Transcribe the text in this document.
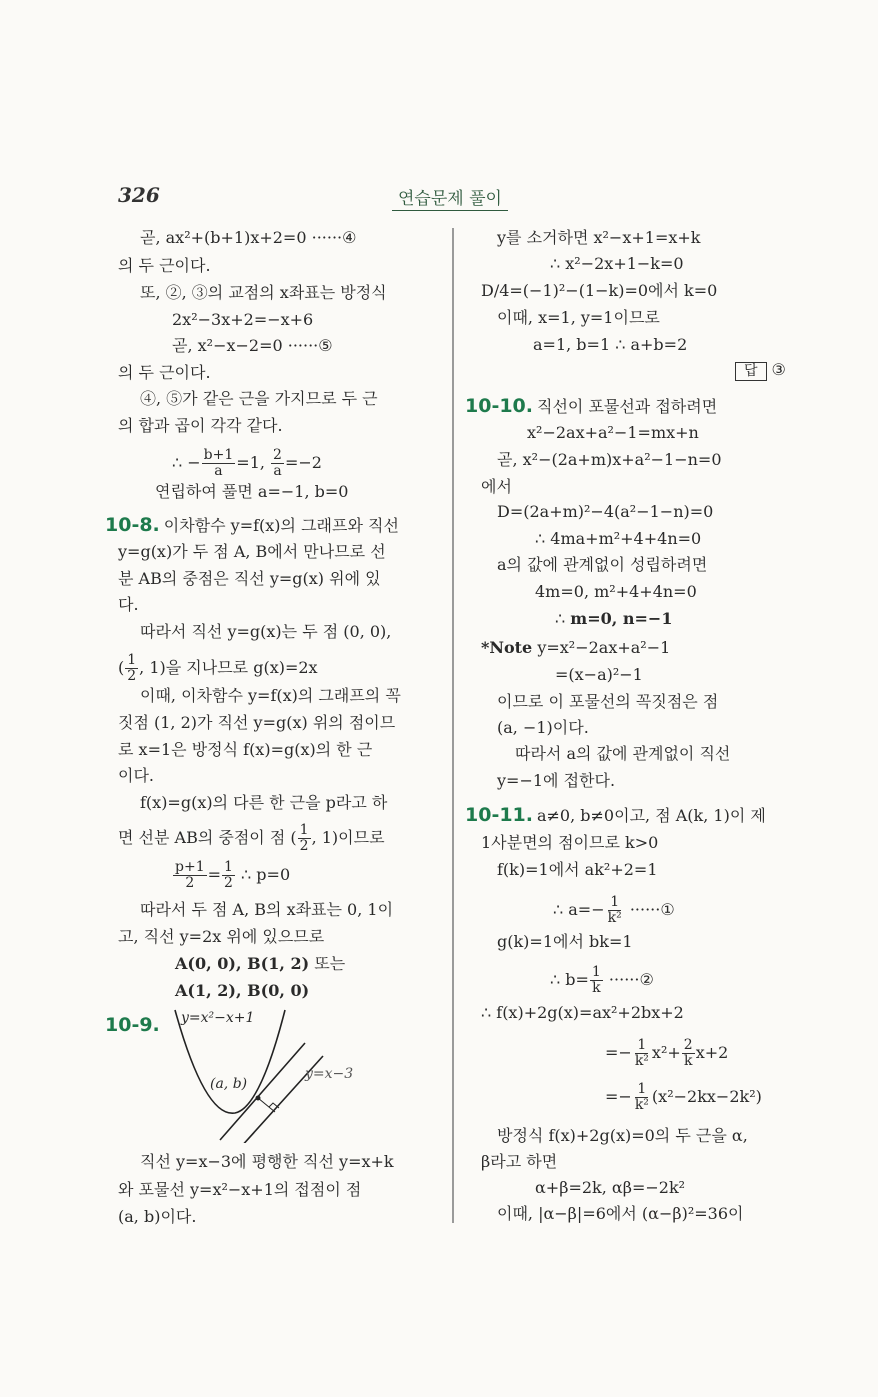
326	연습문제 풀이
곧, ax²+(b+1)x+2=0 ······④
의 두 근이다.
또, ②, ③의 교점의 x좌표는 방정식
2x²−3x+2=−x+6
곧, x²−x−2=0 ······⑤
의 두 근이다.
④, ⑤가 같은 근을 가지므로 두 근
의 합과 곱이 각각 같다.
∴ − $\frac{b+1}{a} =1$, $\frac{2}{a} =-2$
연립하여 풀면 a=−1, b=0
10-8. 이차함수 y=f(x)의 그래프와 직선
y=g(x)가 두 점 A, B에서 만나므로 선
분 AB의 중점은 직선 y=g(x) 위에 있
다.
따라서 직선 y=g(x)는 두 점 (0, 0),
( $\frac{1}{2}$ , 1)을 지나므로 g(x)=2x
이때, 이차함수 y=f(x)의 그래프의 꼭
짓점 (1, 2)가 직선 y=g(x) 위의 점이므
로 x=1은 방정식 f(x)=g(x)의 한 근
이다.
f(x)=g(x)의 다른 한 근을 p라고 하
면 선분 AB의 중점이 점 ( $\frac{1}{2}$ , 1)이므로
$\frac{p+1}{2} = \frac{1}{2}$ ∴ p=0
따라서 두 점 A, B의 x좌표는 0, 1이
고, 직선 y=2x 위에 있으므로
A(0, 0), B(1, 2) 또는
A(1, 2), B(0, 0)
10-9.
직선 y=x−3에 평행한 직선 y=x+k
와 포물선 y=x²−x+1의 접점이 점
(a, b)이다.
y를 소거하면 x²−x+1=x+k
∴ x²−2x+1−k=0
D/4=(−1)²−(1−k)=0에서 k=0
이때, x=1, y=1이므로
a=1, b=1 ∴ a+b=2
답 ③
10-10. 직선이 포물선과 접하려면
x²−2ax+a²−1=mx+n
곧, x²−(2a+m)x+a²−1−n=0
에서
D=(2a+m)²−4(a²−1−n)=0
∴ 4ma+m²+4+4n=0
a의 값에 관계없이 성립하려면
4m=0, m²+4+4n=0
∴ m=0, n=−1
*Note y=x²−2ax+a²−1
=(x−a)²−1
이므로 이 포물선의 꼭짓점은 점
(a, −1)이다.
따라서 a의 값에 관계없이 직선
y=−1에 접한다.
10-11. a≠0, b≠0이고, 점 A(k, 1)이 제
1사분면의 점이므로 k>0
f(k)=1에서 ak²+2=1
∴ $a=- \frac{1}{\text{k²}}$ ······①
g(k)=1에서 bk=1
∴ $b= \frac{1}{k}$ ······②
∴ f(x)+2g(x)=ax²+2bx+2
=− $\frac{1}{\text{k²}} x^2+ \frac{2}{k} x+2$
=− $\frac{1}{\text{k²}} (x^2-2kx-2k^2)$
방정식 f(x)+2g(x)=0의 두 근을 α,
β라고 하면
α+β=2k, αβ=−2k²
이때, |α−β|=6에서 (α−β)²=36이
y=x²−x+1
(a, b)
y=x−3
